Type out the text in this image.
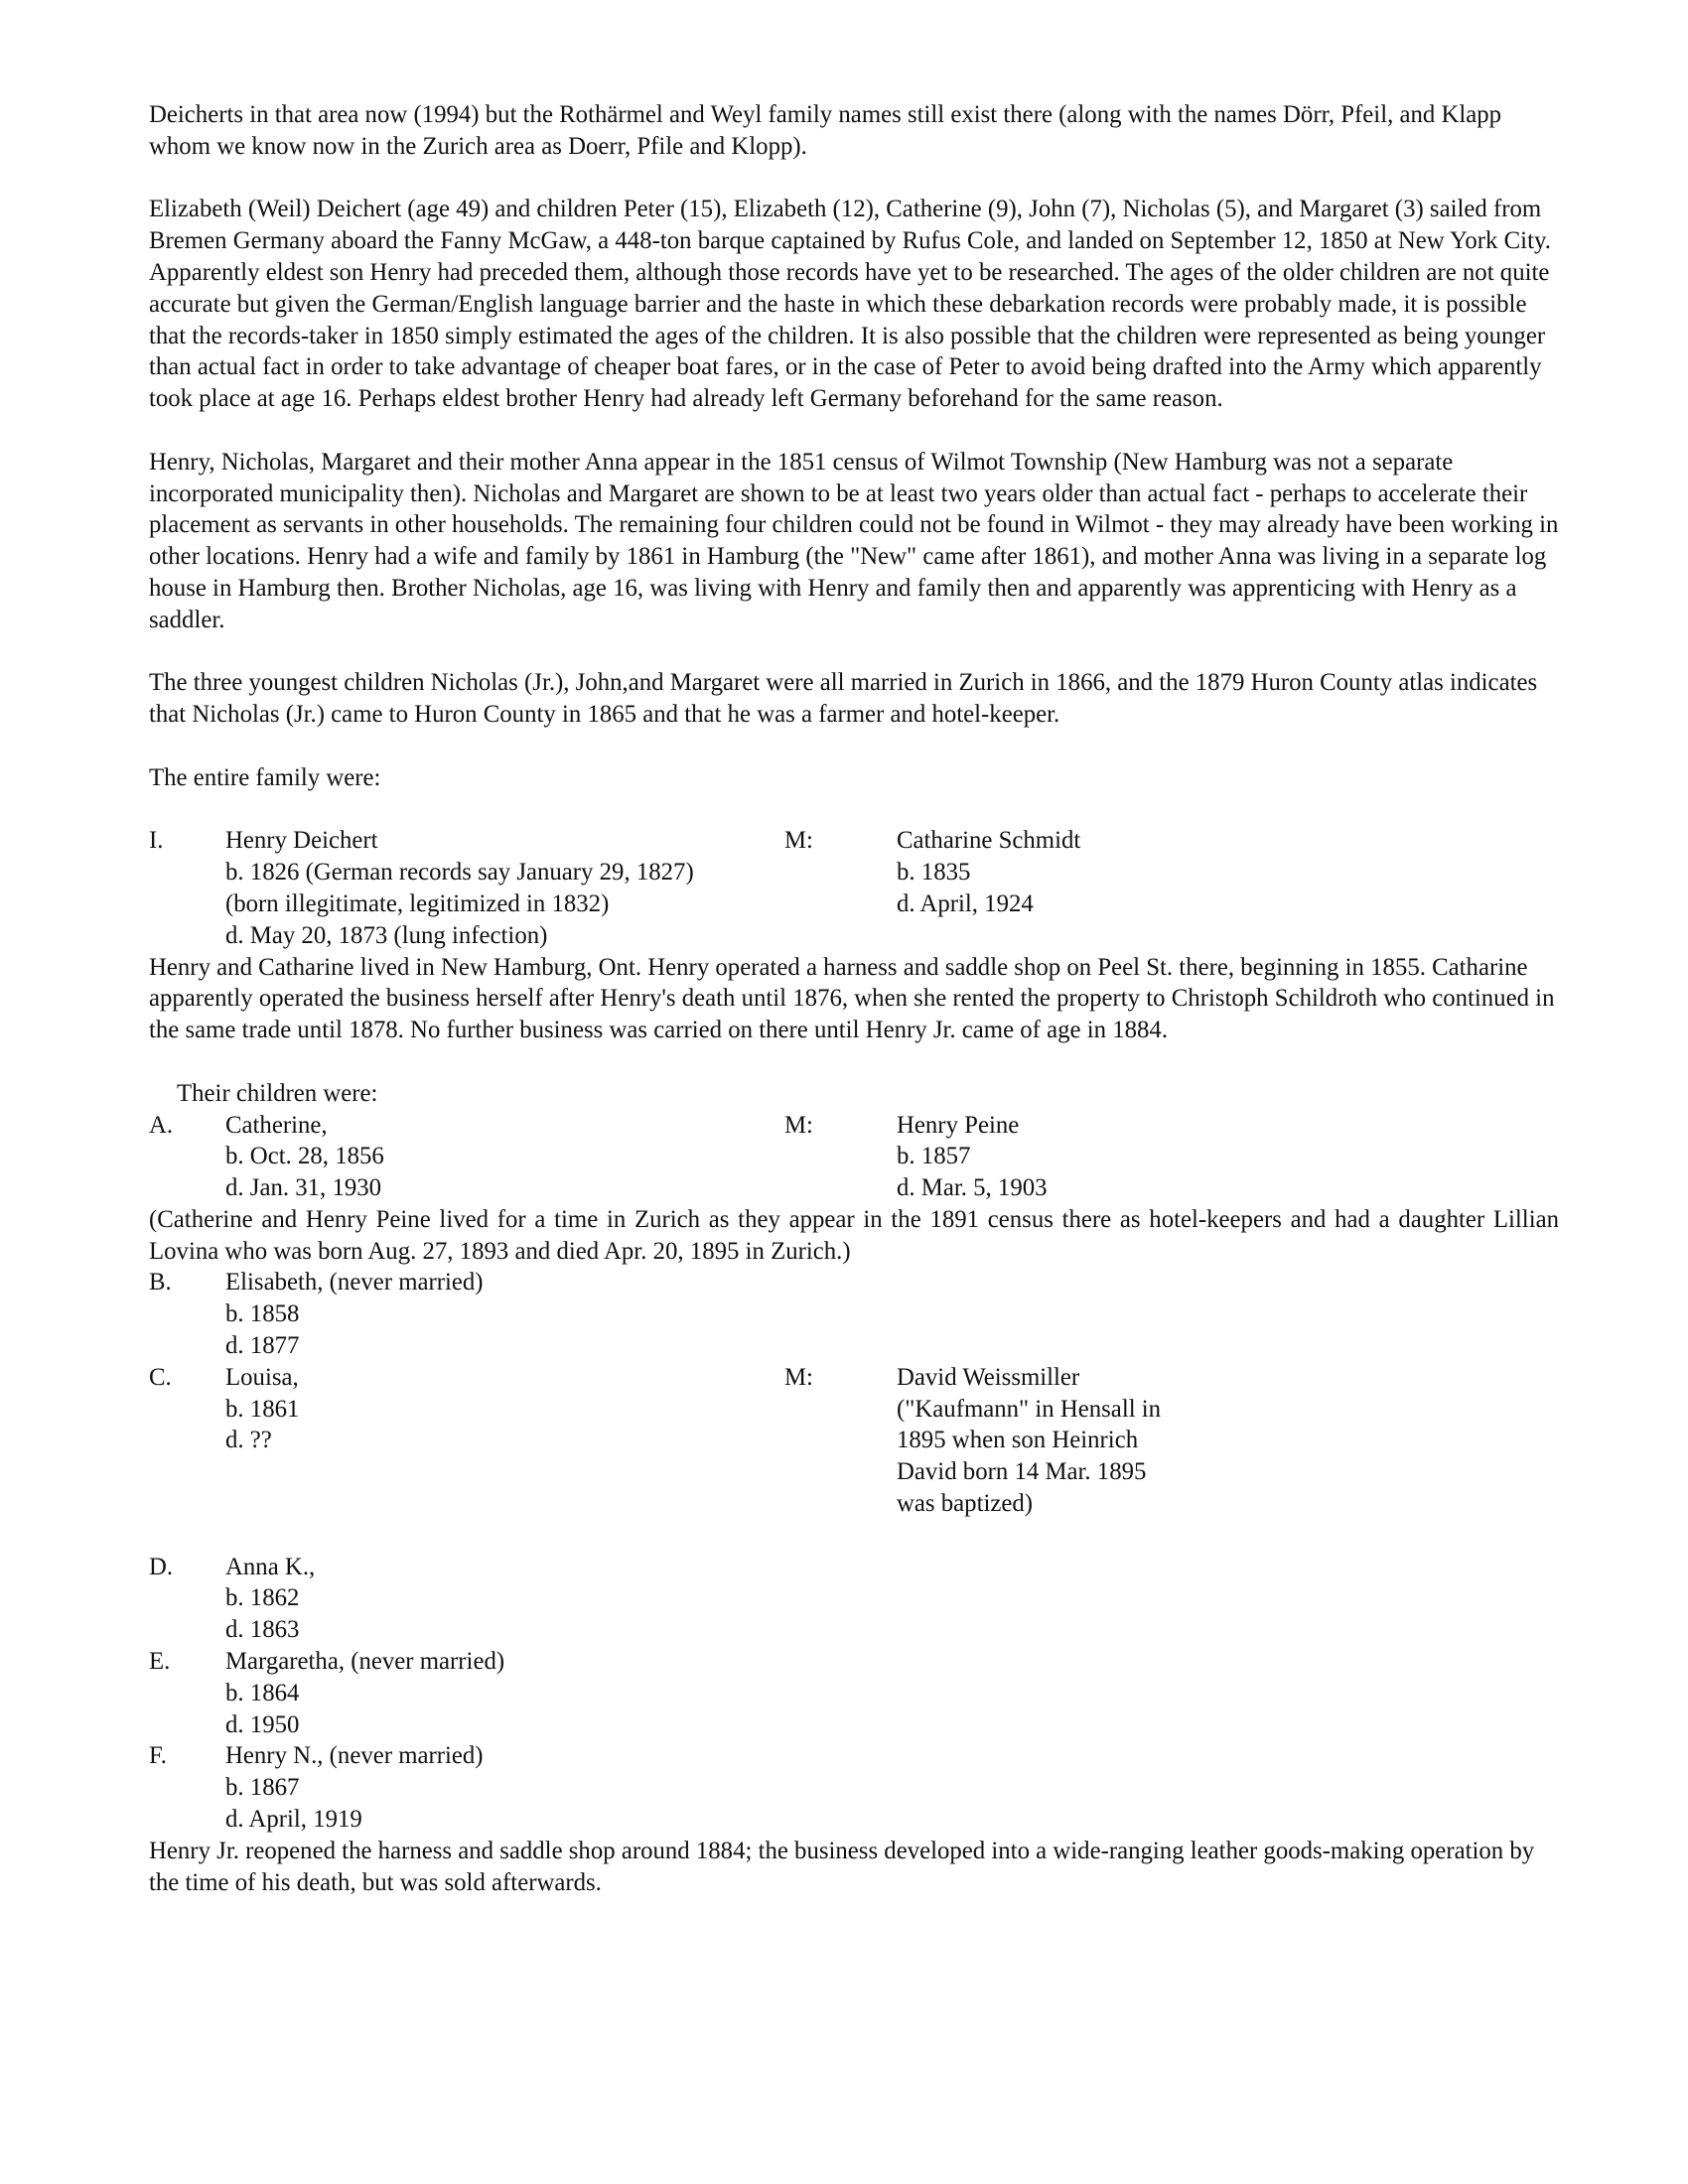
Deicherts in that area now (1994) but the Rothärmel and Weyl family names still exist there (along with the names Dörr, Pfeil, and Klapp whom we know now in the Zurich area as Doerr, Pfile and Klopp).

Elizabeth (Weil) Deichert (age 49) and children Peter (15), Elizabeth (12), Catherine (9), John (7), Nicholas (5), and Margaret (3) sailed from Bremen Germany aboard the Fanny McGaw, a 448-ton barque captained by Rufus Cole, and landed on September 12, 1850 at New York City. Apparently eldest son Henry had preceded them, although those records have yet to be researched. The ages of the older children are not quite accurate but given the German/English language barrier and the haste in which these debarkation records were probably made, it is possible that the records-taker in 1850 simply estimated the ages of the children. It is also possible that the children were represented as being younger than actual fact in order to take advantage of cheaper boat fares, or in the case of Peter to avoid being drafted into the Army which apparently took place at age 16. Perhaps eldest brother Henry had already left Germany beforehand for the same reason.

Henry, Nicholas, Margaret and their mother Anna appear in the 1851 census of Wilmot Township (New Hamburg was not a separate incorporated municipality then). Nicholas and Margaret are shown to be at least two years older than actual fact - perhaps to accelerate their placement as servants in other households. The remaining four children could not be found in Wilmot - they may already have been working in other locations. Henry had a wife and family by 1861 in Hamburg (the "New" came after 1861), and mother Anna was living in a separate log house in Hamburg then. Brother Nicholas, age 16, was living with Henry and family then and apparently was apprenticing with Henry as a saddler.

The three youngest children Nicholas (Jr.), John,and Margaret were all married in Zurich in 1866, and the 1879 Huron County atlas indicates that Nicholas (Jr.) came to Huron County in 1865 and that he was a farmer and hotel-keeper.

The entire family were:

I.	Henry Deichert	M:	Catharine Schmidt
b. 1826 (German records say January 29, 1827)	b. 1835
(born illegitimate, legitimized in 1832)	d. April, 1924
d. May 20, 1873 (lung infection)

Henry and Catharine lived in New Hamburg, Ont. Henry operated a harness and saddle shop on Peel St. there, beginning in 1855. Catharine apparently operated the business herself after Henry's death until 1876, when she rented the property to Christoph Schildroth who continued in the same trade until 1878. No further business was carried on there until Henry Jr. came of age in 1884.

Their children were:
A. Catherine,	M:	Henry Peine
b. Oct. 28, 1856	b. 1857
d. Jan. 31, 1930	d. Mar. 5, 1903

(Catherine and Henry Peine lived for a time in Zurich as they appear in the 1891 census there as hotel-keepers and had a daughter Lillian Lovina who was born Aug. 27, 1893 and died Apr. 20, 1895 in Zurich.)

B. Elisabeth, (never married)
b. 1858
d. 1877
C. Louisa,	M:	David Weissmiller
b. 1861	("Kaufmann" in Hensall in
d. ??	1895 when son Heinrich
David born 14 Mar. 1895
was baptized)
D. Anna K.,
b. 1862
d. 1863
E. Margaretha, (never married)
b. 1864
d. 1950
F. Henry N., (never married)
b. 1867
d. April, 1919

Henry Jr. reopened the harness and saddle shop around 1884; the business developed into a wide-ranging leather goods-making operation by the time of his death, but was sold afterwards.
